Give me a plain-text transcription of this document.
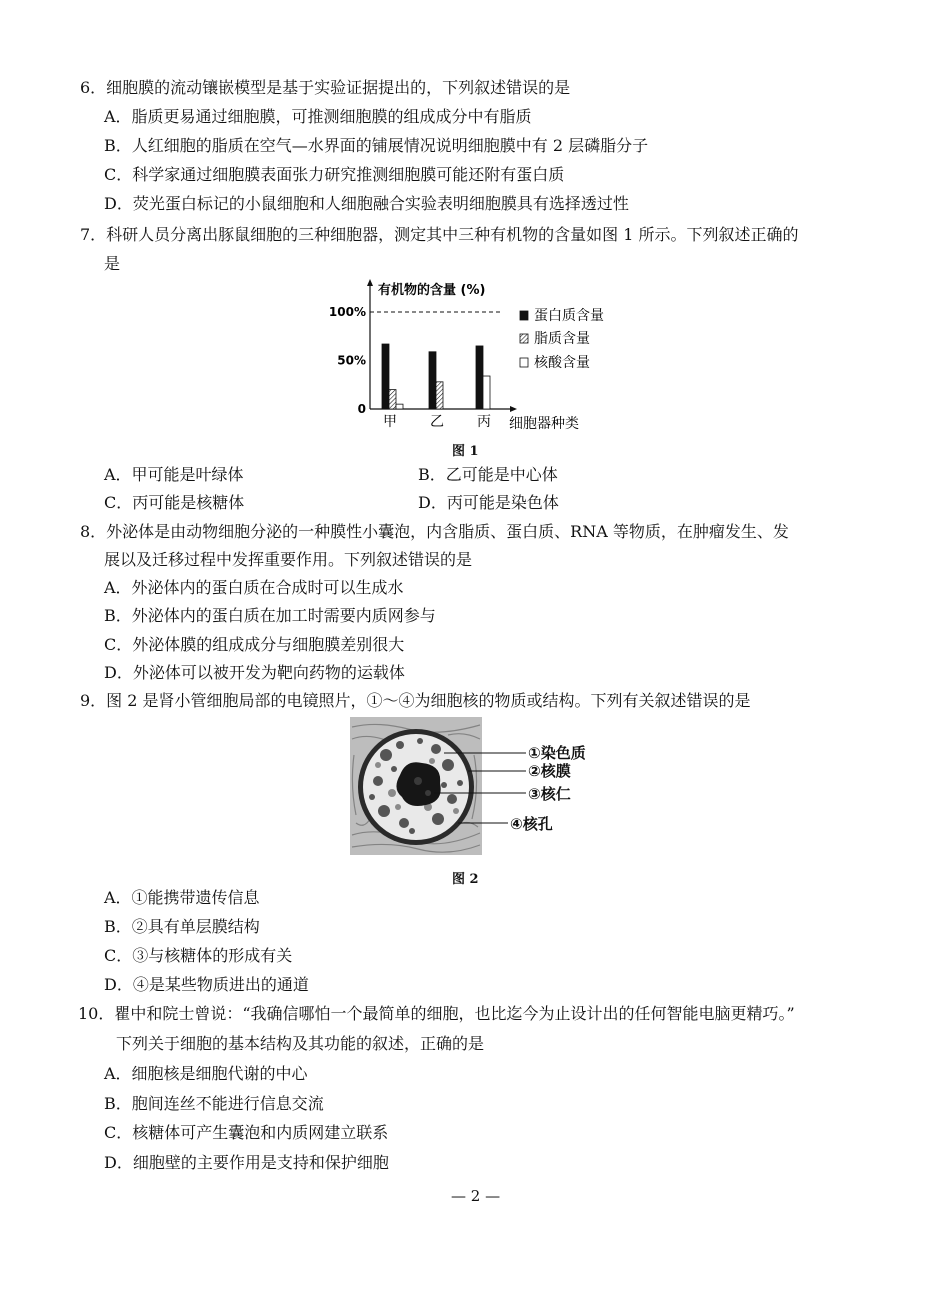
6．细胞膜的流动镶嵌模型是基于实验证据提出的，下列叙述错误的是
A．脂质更易通过细胞膜，可推测细胞膜的组成成分中有脂质
B．人红细胞的脂质在空气—水界面的铺展情况说明细胞膜中有 2 层磷脂分子
C．科学家通过细胞膜表面张力研究推测细胞膜可能还附有蛋白质
D．荧光蛋白标记的小鼠细胞和人细胞融合实验表明细胞膜具有选择透过性
7．科研人员分离出豚鼠细胞的三种细胞器，测定其中三种有机物的含量如图 1 所示。下列叙述正确的
是
有机物的含量 (%)
0
50%
100%
甲 乙 丙 细胞器种类
蛋白质含量
脂质含量
核酸含量
图 1
A．甲可能是叶绿体	B．乙可能是中心体
C．丙可能是核糖体	D．丙可能是染色体
8．外泌体是由动物细胞分泌的一种膜性小囊泡，内含脂质、蛋白质、RNA 等物质，在肿瘤发生、发
展以及迁移过程中发挥重要作用。下列叙述错误的是
A．外泌体内的蛋白质在合成时可以生成水
B．外泌体内的蛋白质在加工时需要内质网参与
C．外泌体膜的组成成分与细胞膜差别很大
D．外泌体可以被开发为靶向药物的运载体
9．图 2 是肾小管细胞局部的电镜照片，①～④为细胞核的物质或结构。下列有关叙述错误的是
①染色质
②核膜
③核仁
④核孔
图 2
A．①能携带遗传信息
B．②具有单层膜结构
C．③与核糖体的形成有关
D．④是某些物质进出的通道
10．瞿中和院士曾说：“我确信哪怕一个最简单的细胞，也比迄今为止设计出的任何智能电脑更精巧。”
下列关于细胞的基本结构及其功能的叙述，正确的是
A．细胞核是细胞代谢的中心
B．胞间连丝不能进行信息交流
C．核糖体可产生囊泡和内质网建立联系
D．细胞壁的主要作用是支持和保护细胞
— 2 —
